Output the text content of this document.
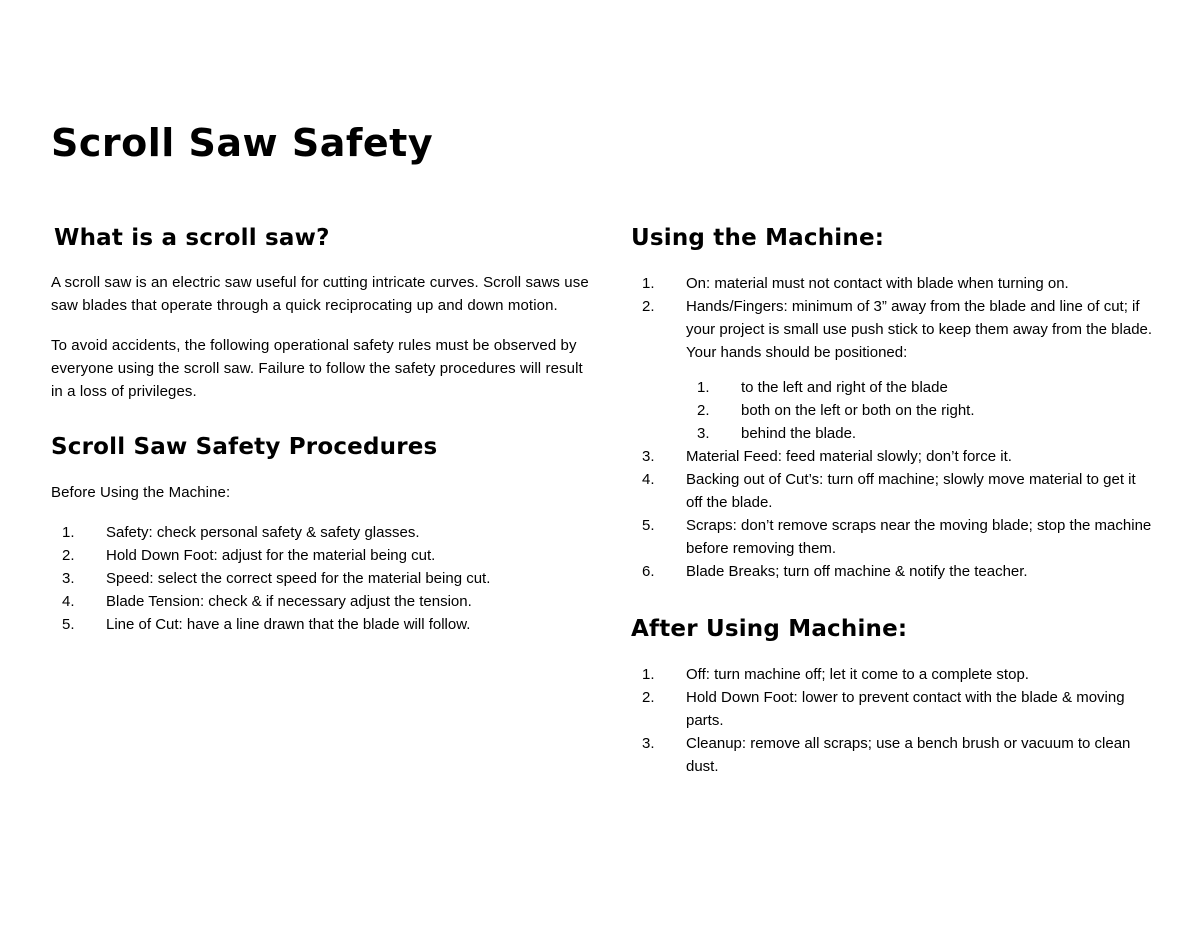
Scroll Saw Safety
What is a scroll saw?

A scroll saw is an electric saw useful for cutting intricate curves. Scroll saws use saw blades that operate through a quick reciprocating up and down motion.

To avoid accidents, the following operational safety rules must be observed by everyone using the scroll saw. Failure to follow the safety procedures will result in a loss of privileges.

Scroll Saw Safety Procedures

Before Using the Machine:

1. Safety: check personal safety & safety glasses.
2. Hold Down Foot: adjust for the material being cut.
3. Speed: select the correct speed for the material being cut.
4. Blade Tension: check & if necessary adjust the tension.
5. Line of Cut: have a line drawn that the blade will follow.
Using the Machine:
1. On: material must not contact with blade when turning on.
2. Hands/Fingers: minimum of 3” away from the blade and line of cut; if your project is small use push stick to keep them away from the blade. Your hands should be positioned:
1. to the left and right of the blade
2. both on the left or both on the right.
3. behind the blade.
3. Material Feed: feed material slowly; don’t force it.
4. Backing out of Cut’s: turn off machine; slowly move material to get it off the blade.
5. Scraps: don’t remove scraps near the moving blade; stop the machine before removing them.
6. Blade Breaks; turn off machine & notify the teacher.
After Using Machine:
1. Off: turn machine off; let it come to a complete stop.
2. Hold Down Foot: lower to prevent contact with the blade & moving parts.
3. Cleanup: remove all scraps; use a bench brush or vacuum to clean dust.
